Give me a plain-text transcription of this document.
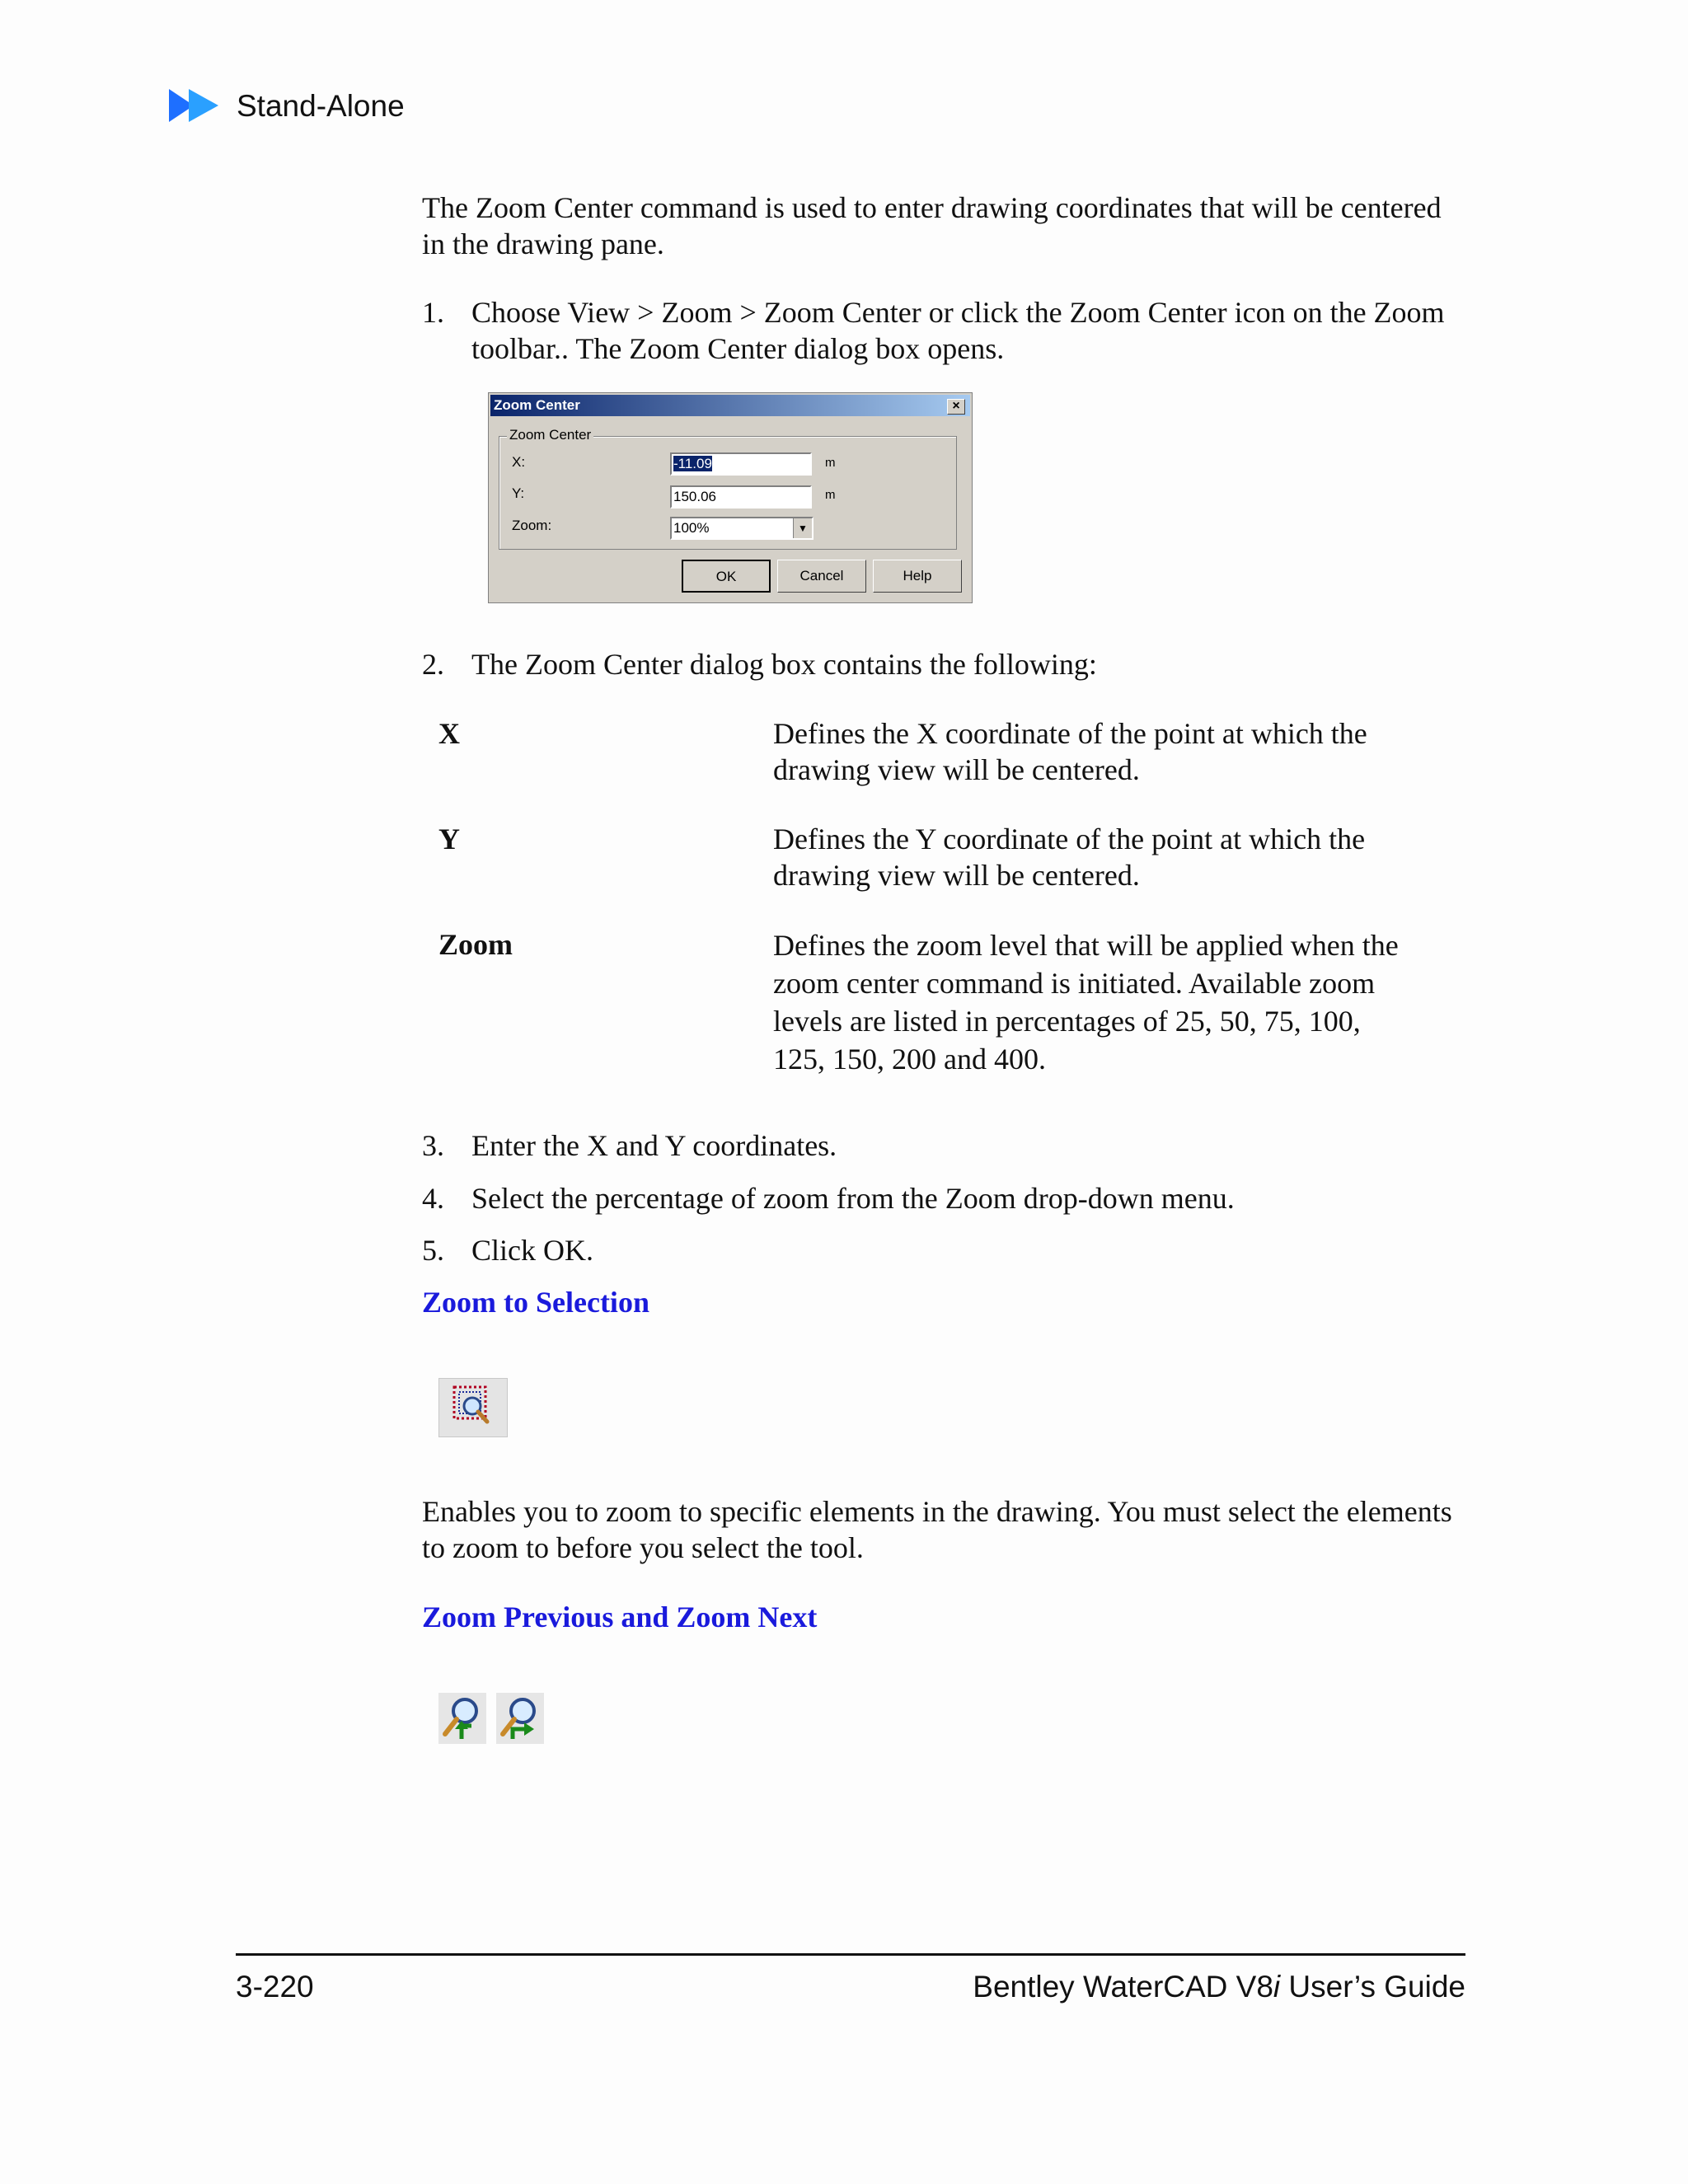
Stand-Alone
The Zoom Center command is used to enter drawing coordinates that will be centered in the drawing pane.
1. Choose View > Zoom > Zoom Center or click the Zoom Center icon on the Zoom toolbar.. The Zoom Center dialog box opens.
Zoom Center	×
Zoom Center
X:	-11.09	m
Y:	150.06	m
Zoom:	100%	▼
OK	Cancel	Help
2. The Zoom Center dialog box contains the following:
X	Defines the X coordinate of the point at which the drawing view will be centered.
Y	Defines the Y coordinate of the point at which the drawing view will be centered.
Zoom	Defines the zoom level that will be applied when the zoom center command is initiated. Available zoom levels are listed in percentages of 25, 50, 75, 100, 125, 150, 200 and 400.
3. Enter the X and Y coordinates.
4. Select the percentage of zoom from the Zoom drop-down menu.
5. Click OK.
Zoom to Selection
Enables you to zoom to specific elements in the drawing. You must select the elements to zoom to before you select the tool.
Zoom Previous and Zoom Next
3-220	Bentley WaterCAD V8i User’s Guide
